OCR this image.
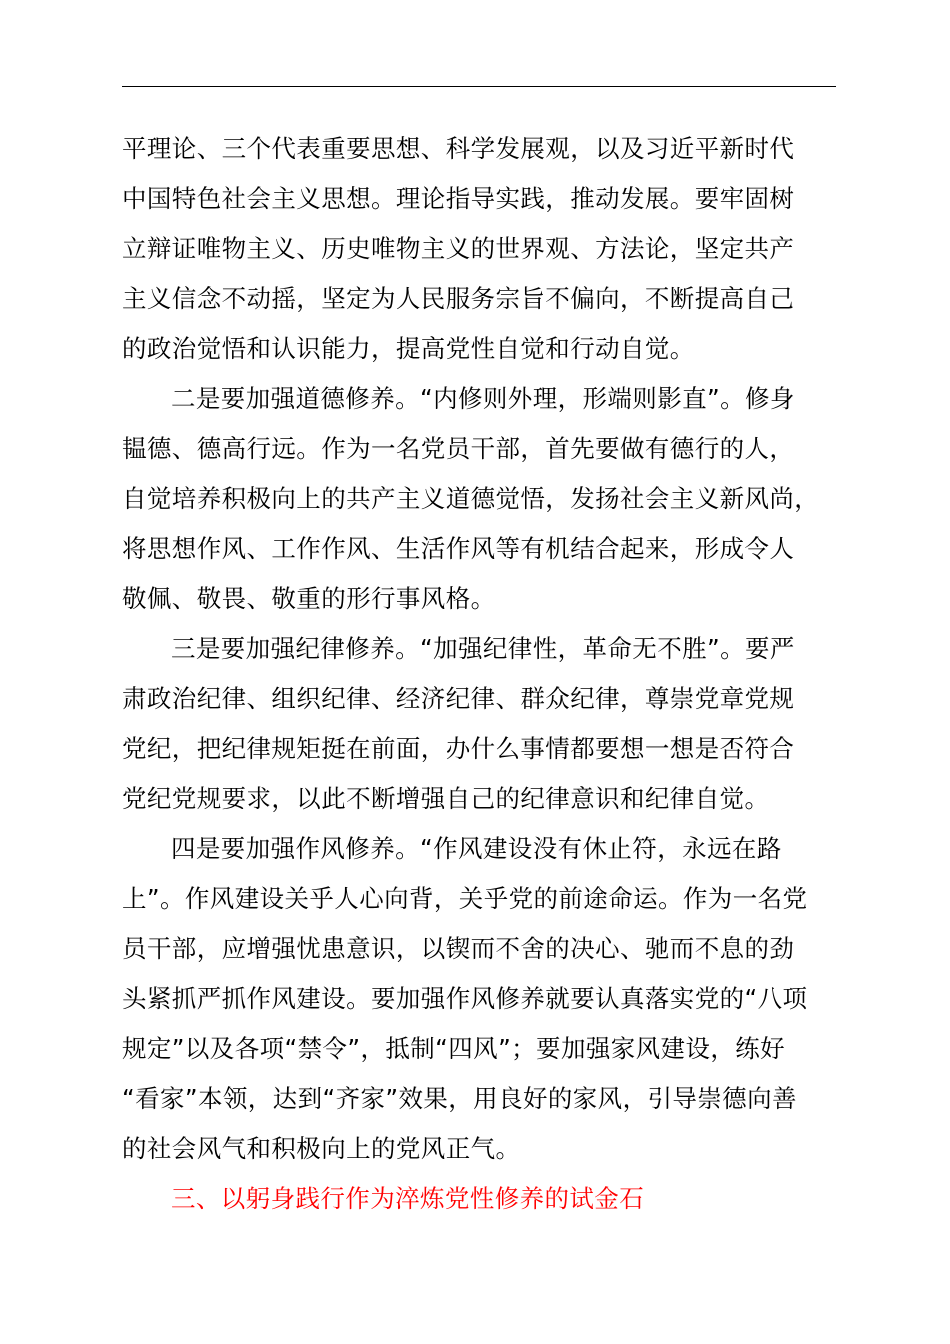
平理论、三个代表重要思想、科学发展观，以及习近平新时代
中国特色社会主义思想。理论指导实践，推动发展。要牢固树
立辩证唯物主义、历史唯物主义的世界观、方法论，坚定共产
主义信念不动摇，坚定为人民服务宗旨不偏向，不断提高自己
的政治觉悟和认识能力，提高党性自觉和行动自觉。
二是要加强道德修养。“内修则外理，形端则影直”。修身
韫德、德高行远。作为一名党员干部，首先要做有德行的人，
自觉培养积极向上的共产主义道德觉悟，发扬社会主义新风尚，
将思想作风、工作作风、生活作风等有机结合起来，形成令人
敬佩、敬畏、敬重的形行事风格。
三是要加强纪律修养。“加强纪律性，革命无不胜”。要严
肃政治纪律、组织纪律、经济纪律、群众纪律，尊崇党章党规
党纪，把纪律规矩挺在前面，办什么事情都要想一想是否符合
党纪党规要求，以此不断增强自己的纪律意识和纪律自觉。
四是要加强作风修养。“作风建设没有休止符，永远在路
上”。作风建设关乎人心向背，关乎党的前途命运。作为一名党
员干部，应增强忧患意识，以锲而不舍的决心、驰而不息的劲
头紧抓严抓作风建设。要加强作风修养就要认真落实党的“八项
规定”以及各项“禁令”，抵制“四风”；要加强家风建设，练好
“看家”本领，达到“齐家”效果，用良好的家风，引导崇德向善
的社会风气和积极向上的党风正气。
三、以躬身践行作为淬炼党性修养的试金石
